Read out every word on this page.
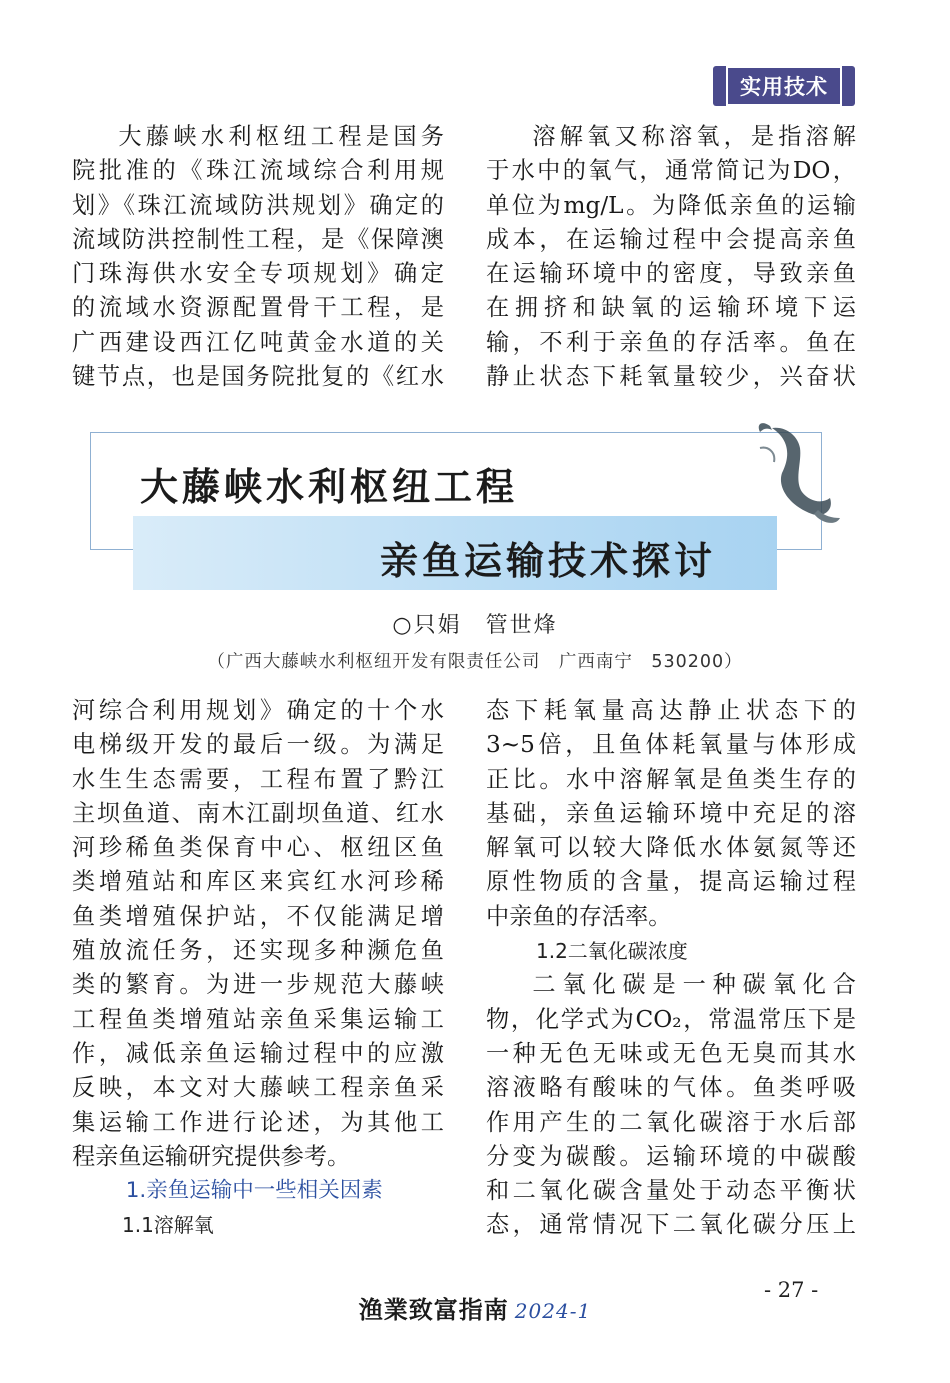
实用技术

大藤峡水利枢纽工程是国务

院批准的《珠江流域综合利用规

划》《珠江流域防洪规划》确定的

流域防洪控制性工程，是《保障澳

门珠海供水安全专项规划》确定

的流域水资源配置骨干工程，是

广西建设西江亿吨黄金水道的关

键节点，也是国务院批复的《红水

溶解氧又称溶氧，是指溶解

于水中的氧气，通常简记为DO，

单位为mg/L。为降低亲鱼的运输

成本，在运输过程中会提高亲鱼

在运输环境中的密度，导致亲鱼

在拥挤和缺氧的运输环境下运

输，不利于亲鱼的存活率。鱼在

静止状态下耗氧量较少，兴奋状

大藤峡水利枢纽工程
亲鱼运输技术探讨
○只娟　管世烽
（广西大藤峡水利枢纽开发有限责任公司　广西南宁　530200）

河综合利用规划》确定的十个水

电梯级开发的最后一级。为满足

水生生态需要，工程布置了黔江

主坝鱼道、南木江副坝鱼道、红水

河珍稀鱼类保育中心、枢纽区鱼

类增殖站和库区来宾红水河珍稀

鱼类增殖保护站，不仅能满足增

殖放流任务，还实现多种濒危鱼

类的繁育。为进一步规范大藤峡

工程鱼类增殖站亲鱼采集运输工

作，减低亲鱼运输过程中的应激

反映，本文对大藤峡工程亲鱼采

集运输工作进行论述，为其他工

程亲鱼运输研究提供参考。

1.亲鱼运输中一些相关因素

1.1溶解氧

态下耗氧量高达静止状态下的

3~5倍，且鱼体耗氧量与体形成

正比。水中溶解氧是鱼类生存的

基础，亲鱼运输环境中充足的溶

解氧可以较大降低水体氨氮等还

原性物质的含量，提高运输过程

中亲鱼的存活率。

1.2二氧化碳浓度

二氧化碳是一种碳氧化合

物，化学式为CO₂，常温常压下是

一种无色无味或无色无臭而其水

溶液略有酸味的气体。鱼类呼吸

作用产生的二氧化碳溶于水后部

分变为碳酸。运输环境的中碳酸

和二氧化碳含量处于动态平衡状

态，通常情况下二氧化碳分压上

渔業致富指南 2024-1
- 27 -
